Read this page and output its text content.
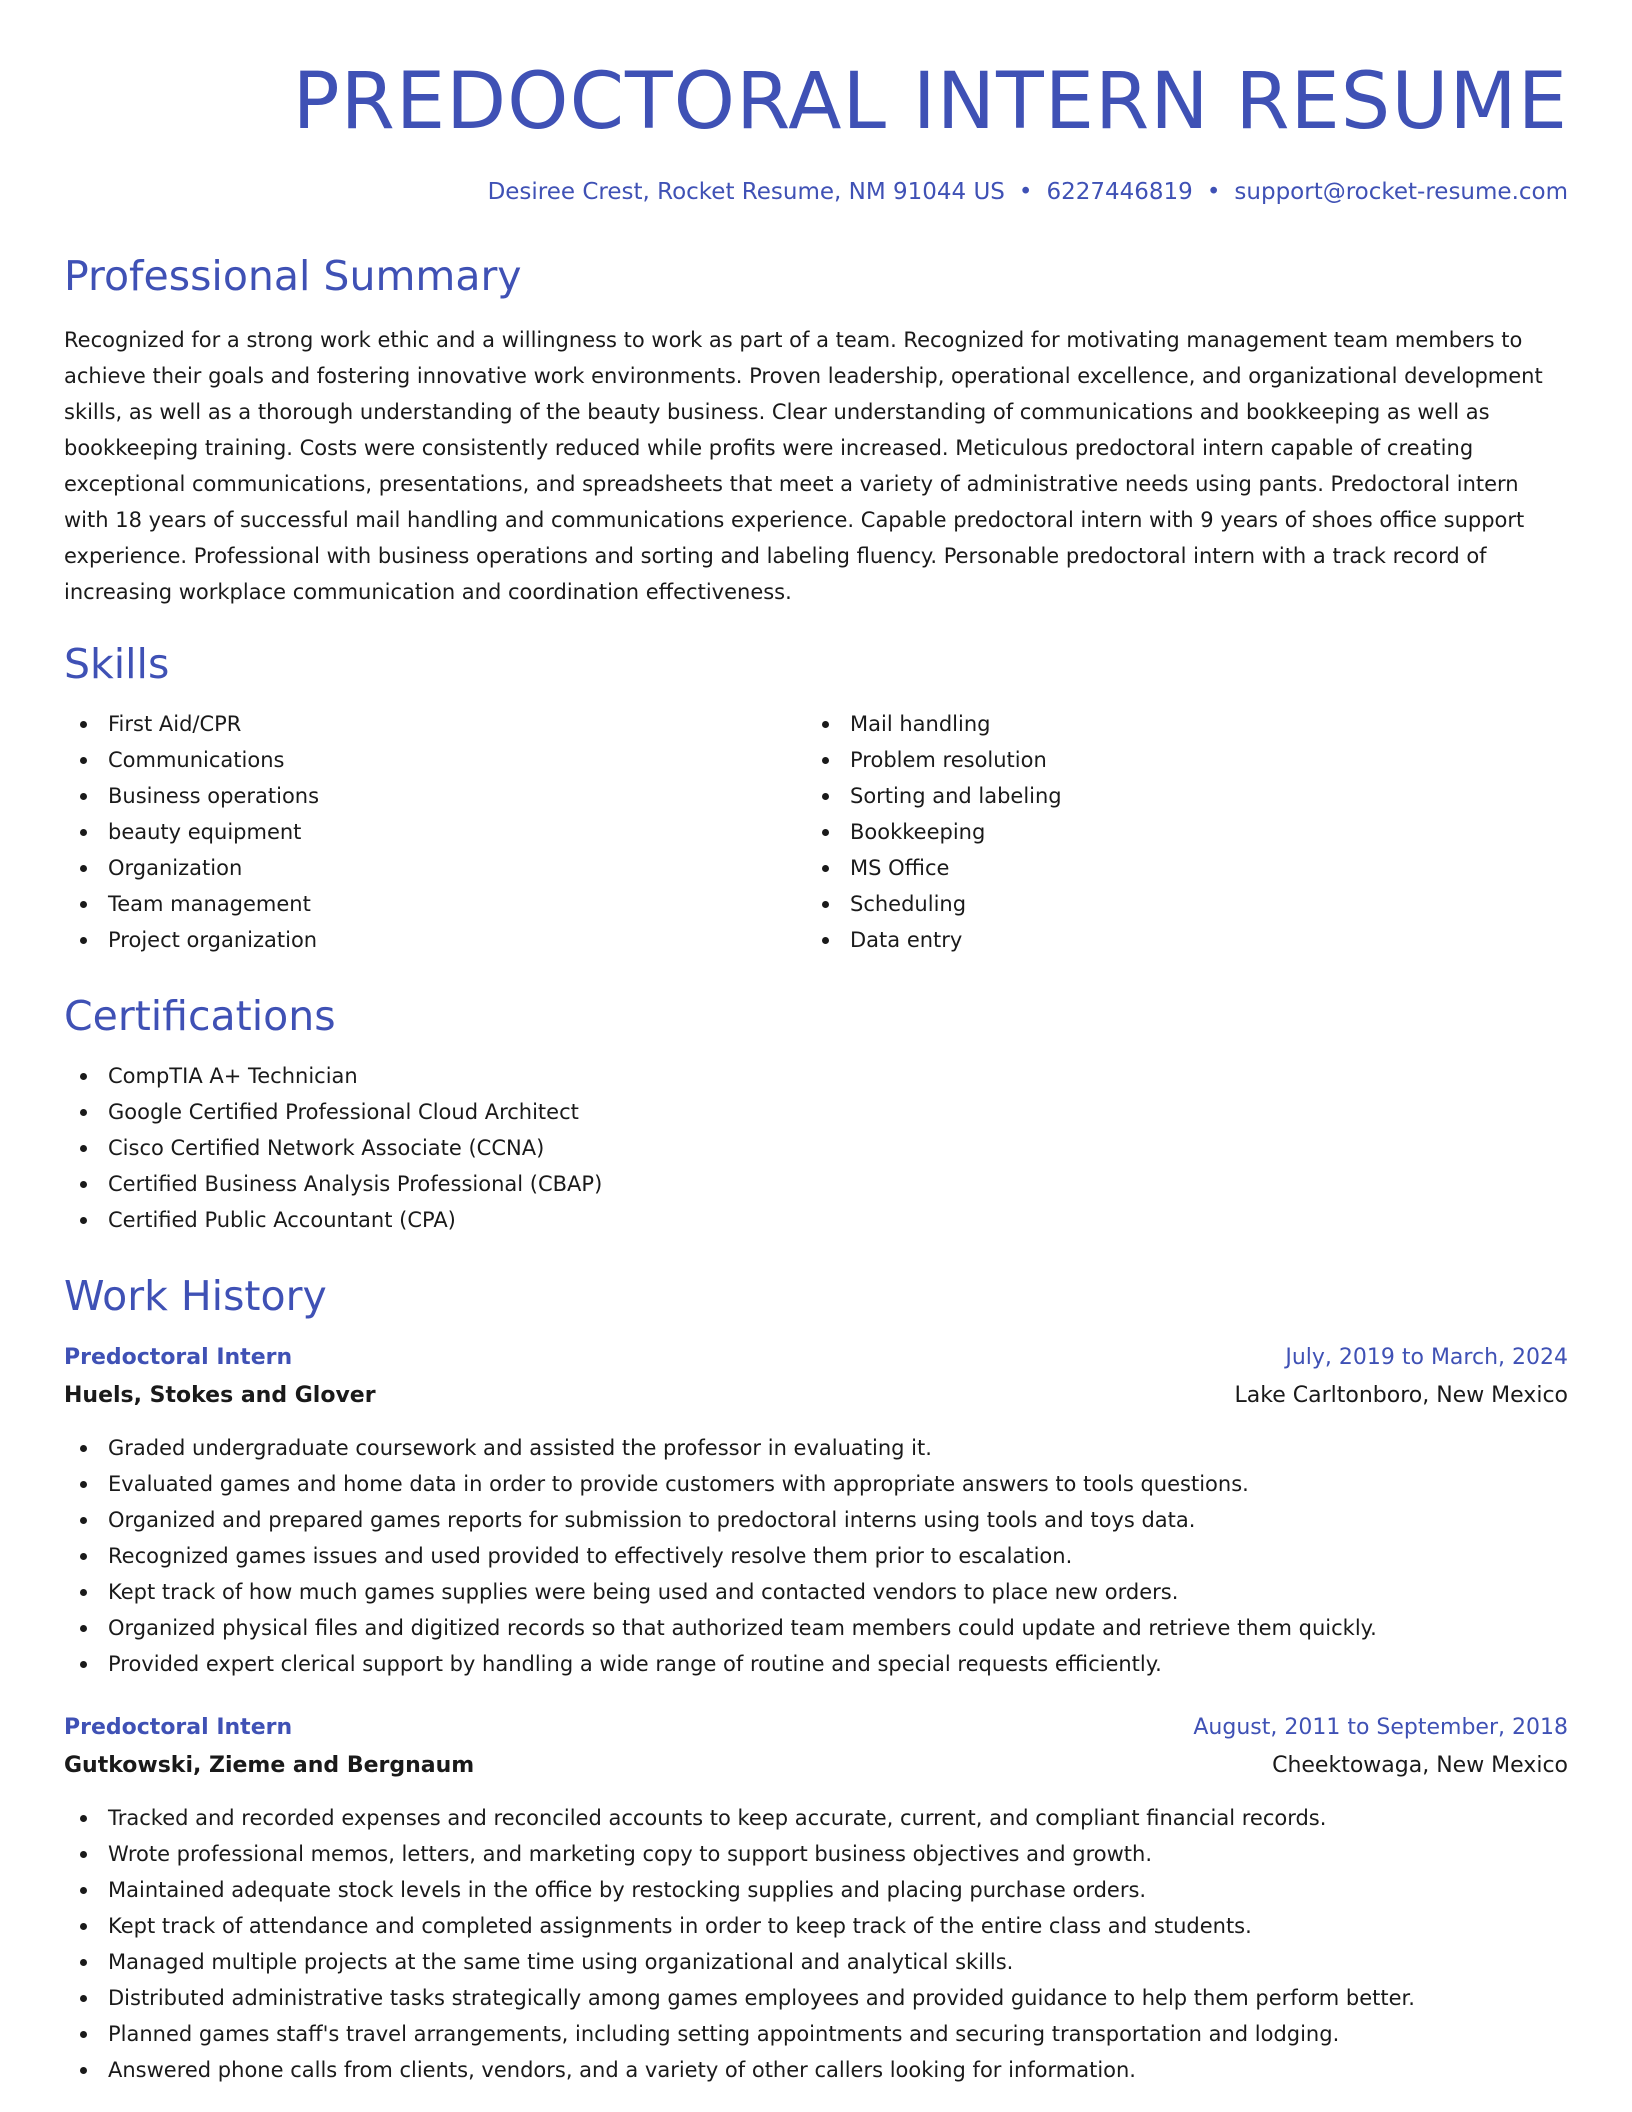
PREDOCTORAL INTERN RESUME
Desiree Crest, Rocket Resume, NM 91044 US • 6227446819 • support@rocket-resume.com
Professional Summary

Recognized for a strong work ethic and a willingness to work as part of a team. Recognized for motivating management team members to achieve their goals and fostering innovative work environments. Proven leadership, operational excellence, and organizational development skills, as well as a thorough understanding of the beauty business. Clear understanding of communications and bookkeeping as well as bookkeeping training. Costs were consistently reduced while profits were increased. Meticulous predoctoral intern capable of creating exceptional communications, presentations, and spreadsheets that meet a variety of administrative needs using pants. Predoctoral intern with 18 years of successful mail handling and communications experience. Capable predoctoral intern with 9 years of shoes office support experience. Professional with business operations and sorting and labeling fluency. Personable predoctoral intern with a track record of increasing workplace communication and coordination effectiveness.

Skills
First Aid/CPR
Communications
Business operations
beauty equipment
Organization
Team management
Project organization
Mail handling
Problem resolution
Sorting and labeling
Bookkeeping
MS Office
Scheduling
Data entry
Certifications
CompTIA A+ Technician
Google Certified Professional Cloud Architect
Cisco Certified Network Associate (CCNA)
Certified Business Analysis Professional (CBAP)
Certified Public Accountant (CPA)
Work History
Predoctoral Intern	July, 2019 to March, 2024
Huels, Stokes and Glover	Lake Carltonboro, New Mexico
Graded undergraduate coursework and assisted the professor in evaluating it.
Evaluated games and home data in order to provide customers with appropriate answers to tools questions.
Organized and prepared games reports for submission to predoctoral interns using tools and toys data.
Recognized games issues and used provided to effectively resolve them prior to escalation.
Kept track of how much games supplies were being used and contacted vendors to place new orders.
Organized physical files and digitized records so that authorized team members could update and retrieve them quickly.
Provided expert clerical support by handling a wide range of routine and special requests efficiently.
Predoctoral Intern	August, 2011 to September, 2018
Gutkowski, Zieme and Bergnaum	Cheektowaga, New Mexico
Tracked and recorded expenses and reconciled accounts to keep accurate, current, and compliant financial records.
Wrote professional memos, letters, and marketing copy to support business objectives and growth.
Maintained adequate stock levels in the office by restocking supplies and placing purchase orders.
Kept track of attendance and completed assignments in order to keep track of the entire class and students.
Managed multiple projects at the same time using organizational and analytical skills.
Distributed administrative tasks strategically among games employees and provided guidance to help them perform better.
Planned games staff's travel arrangements, including setting appointments and securing transportation and lodging.
Answered phone calls from clients, vendors, and a variety of other callers looking for information.
